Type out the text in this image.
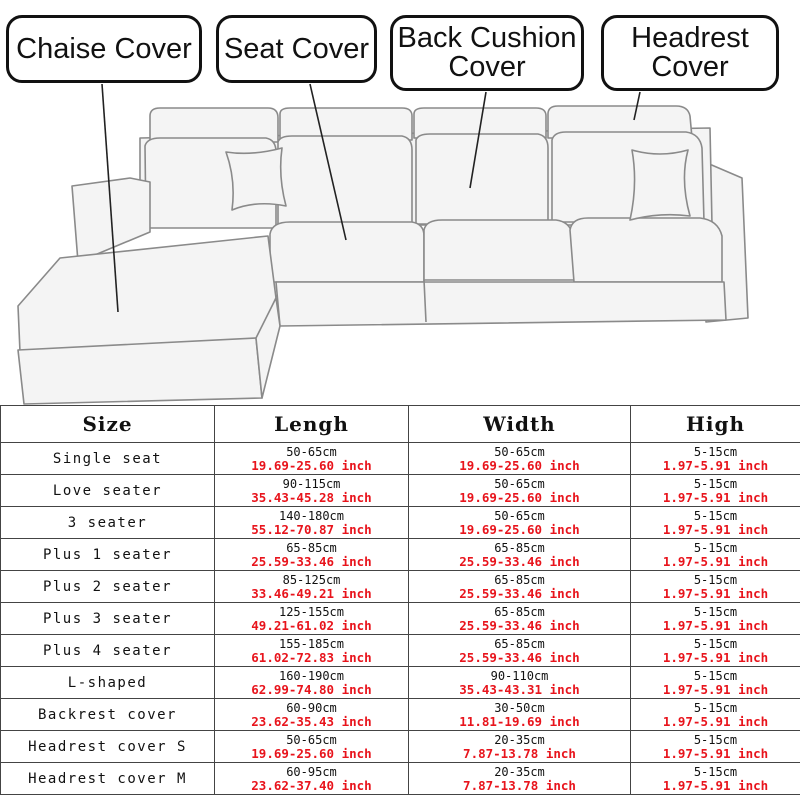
Chaise Cover	Seat Cover Back Cushion
Cover
Headrest
Cover
Size	Lengh	Width	High
Single seat	50-65cm
19.69-25.60 inch	50-65cm
19.69-25.60 inch	5-15cm
1.97-5.91 inch

Love seater	90-115cm
35.43-45.28 inch	50-65cm
19.69-25.60 inch	5-15cm
1.97-5.91 inch

3 seater	140-180cm
55.12-70.87 inch	50-65cm
19.69-25.60 inch	5-15cm
1.97-5.91 inch

Plus 1 seater	65-85cm
25.59-33.46 inch	65-85cm
25.59-33.46 inch	5-15cm
1.97-5.91 inch

Plus 2 seater	85-125cm
33.46-49.21 inch	65-85cm
25.59-33.46 inch	5-15cm
1.97-5.91 inch

Plus 3 seater	125-155cm
49.21-61.02 inch	65-85cm
25.59-33.46 inch	5-15cm
1.97-5.91 inch

Plus 4 seater	155-185cm
61.02-72.83 inch	65-85cm
25.59-33.46 inch	5-15cm
1.97-5.91 inch

L-shaped	160-190cm
62.99-74.80 inch	90-110cm
35.43-43.31 inch	5-15cm
1.97-5.91 inch

Backrest cover	60-90cm
23.62-35.43 inch	30-50cm
11.81-19.69 inch	5-15cm
1.97-5.91 inch

Headrest cover S	50-65cm
19.69-25.60 inch	20-35cm
7.87-13.78 inch	5-15cm
1.97-5.91 inch

Headrest cover M	60-95cm
23.62-37.40 inch	20-35cm
7.87-13.78 inch	5-15cm
1.97-5.91 inch
